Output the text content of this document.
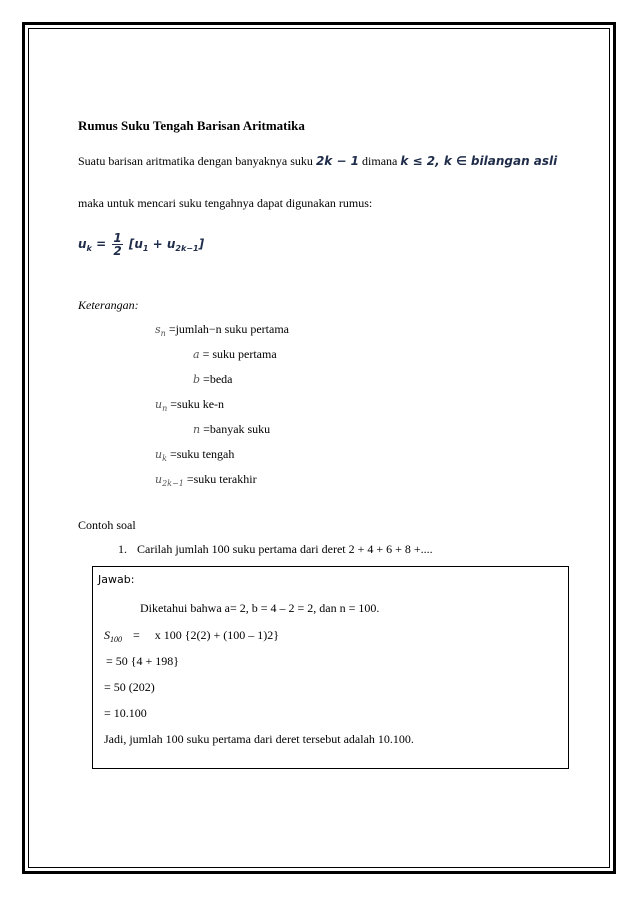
Rumus Suku Tengah Barisan Aritmatika
Suatu barisan aritmatika dengan banyaknya suku 2k − 1 dimana k ≤ 2, k ∈ bilangan asli
maka untuk mencari suku tengahnya dapat digunakan rumus:
$u_k = \frac{1}{2} [u_1 + u_{2k-1}]$
Keterangan:
$s_n$ =jumlah−n suku pertama
a = suku pertama
b =beda
$u_n$ =suku ke-n
n =banyak suku
$u_k$ =suku tengah
$u_{2k-1}$ =suku terakhir
Contoh soal
1. Carilah jumlah 100 suku pertama dari deret 2 + 4 + 6 + 8 +....
Jawab:
Diketahui bahwa a= 2, b = 4 – 2 = 2, dan n = 100.
$S_{100}$ =     x 100 {2(2) + (100 – 1)2}
= 50 {4 + 198}
= 50 (202)
= 10.100
Jadi, jumlah 100 suku pertama dari deret tersebut adalah 10.100.
